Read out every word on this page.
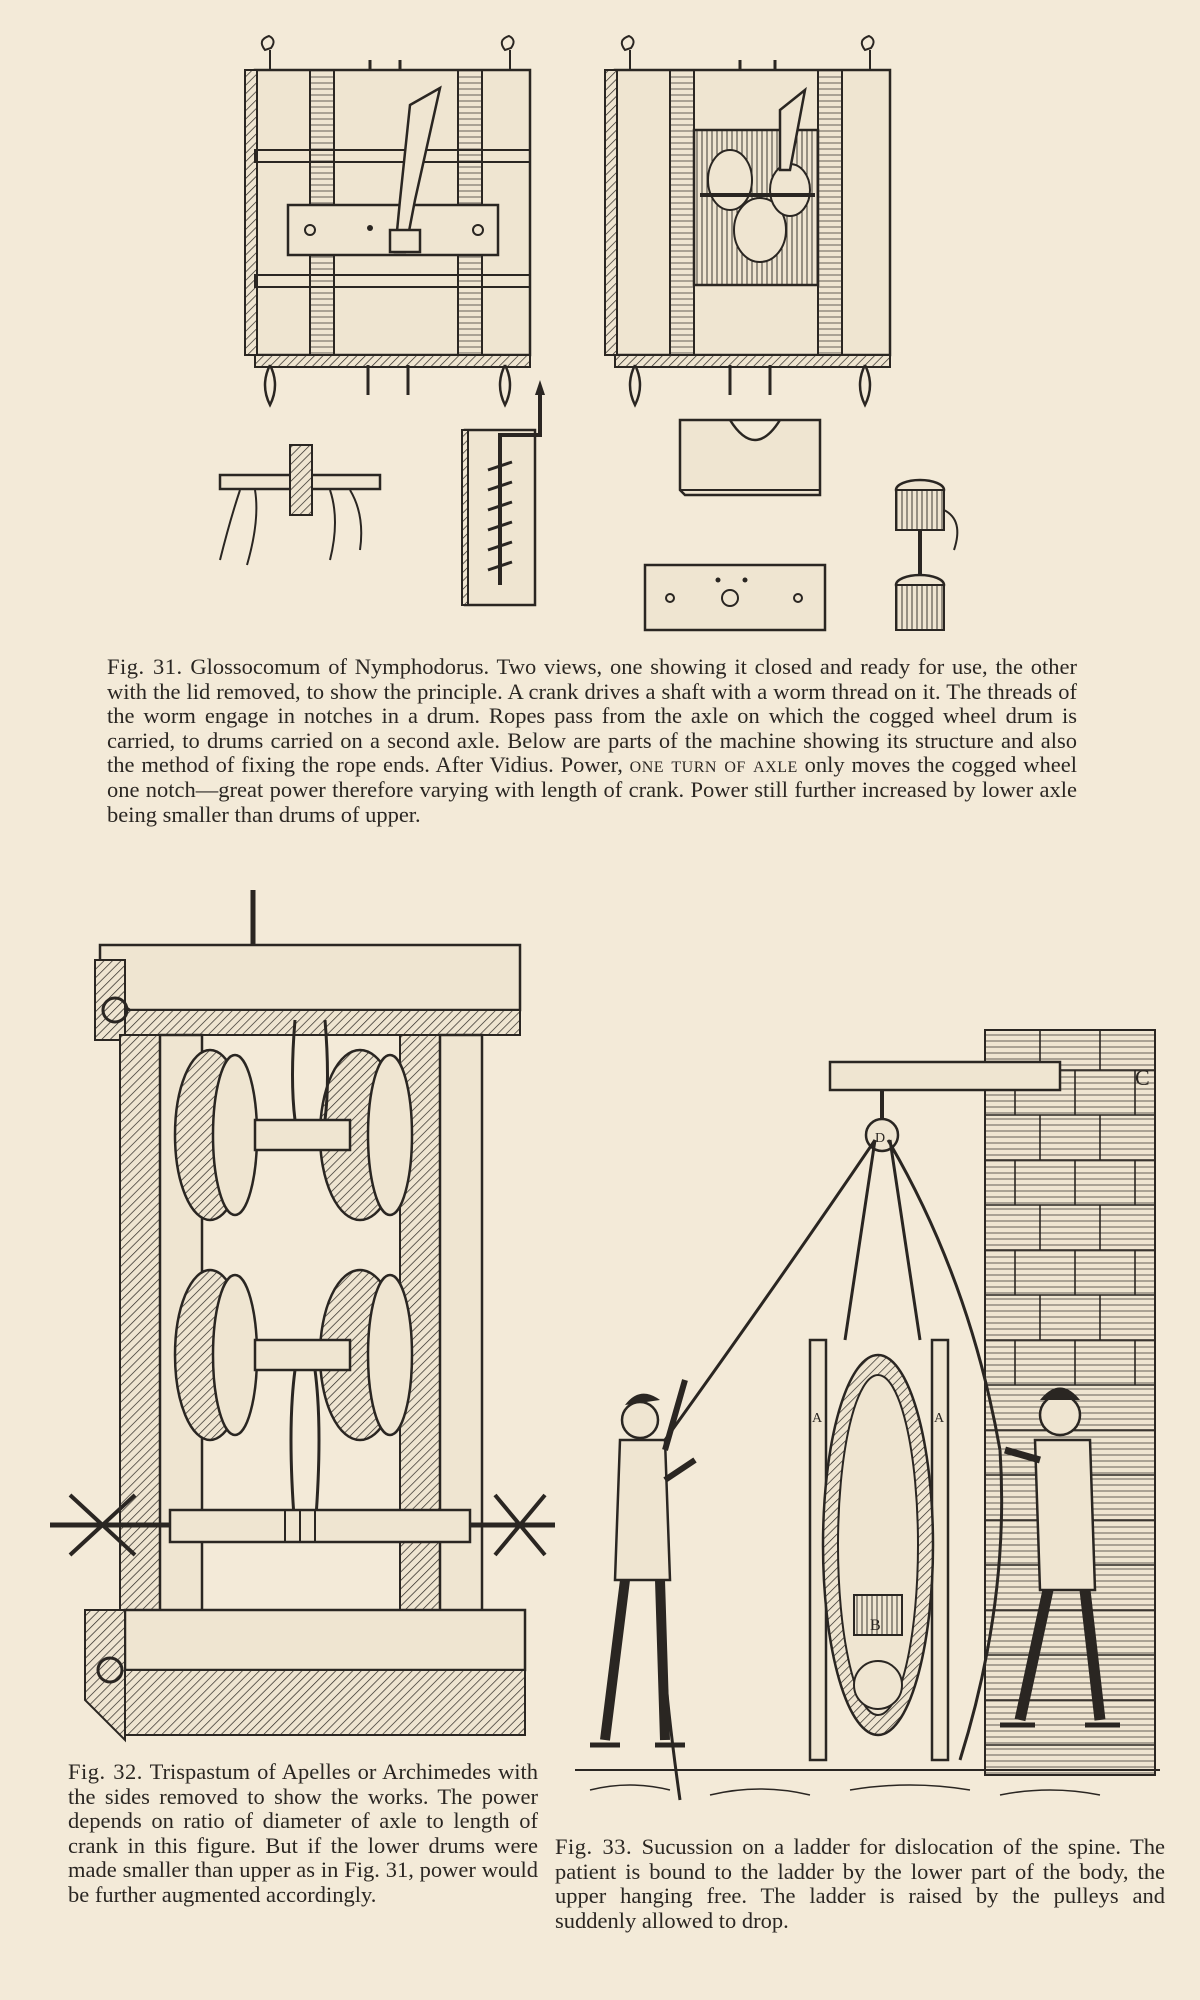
Fig. 31. Glossocomum of Nymphodorus. Two views, one showing it closed and ready for use, the other with the lid removed, to show the principle. A crank drives a shaft with a worm thread on it. The threads of the worm engage in notches in a drum. Ropes pass from the axle on which the cogged wheel drum is carried, to drums carried on a second axle. Below are parts of the machine showing its structure and also the method of fixing the rope ends. After Vidius. Power, one turn of axle only moves the cogged wheel one notch—great power therefore varying with length of crank. Power still further increased by lower axle being smaller than drums of upper.
Fig. 32. Trispastum of Apelles or Archimedes with the sides removed to show the works. The power depends on ratio of diameter of axle to length of crank in this figure. But if the lower drums were made smaller than upper as in Fig. 31, power would be further augmented accordingly.
C
D
A	A
B
Fig. 33. Sucussion on a ladder for dislocation of the spine. The patient is bound to the ladder by the lower part of the body, the upper hanging free. The ladder is raised by the pulleys and suddenly allowed to drop.
